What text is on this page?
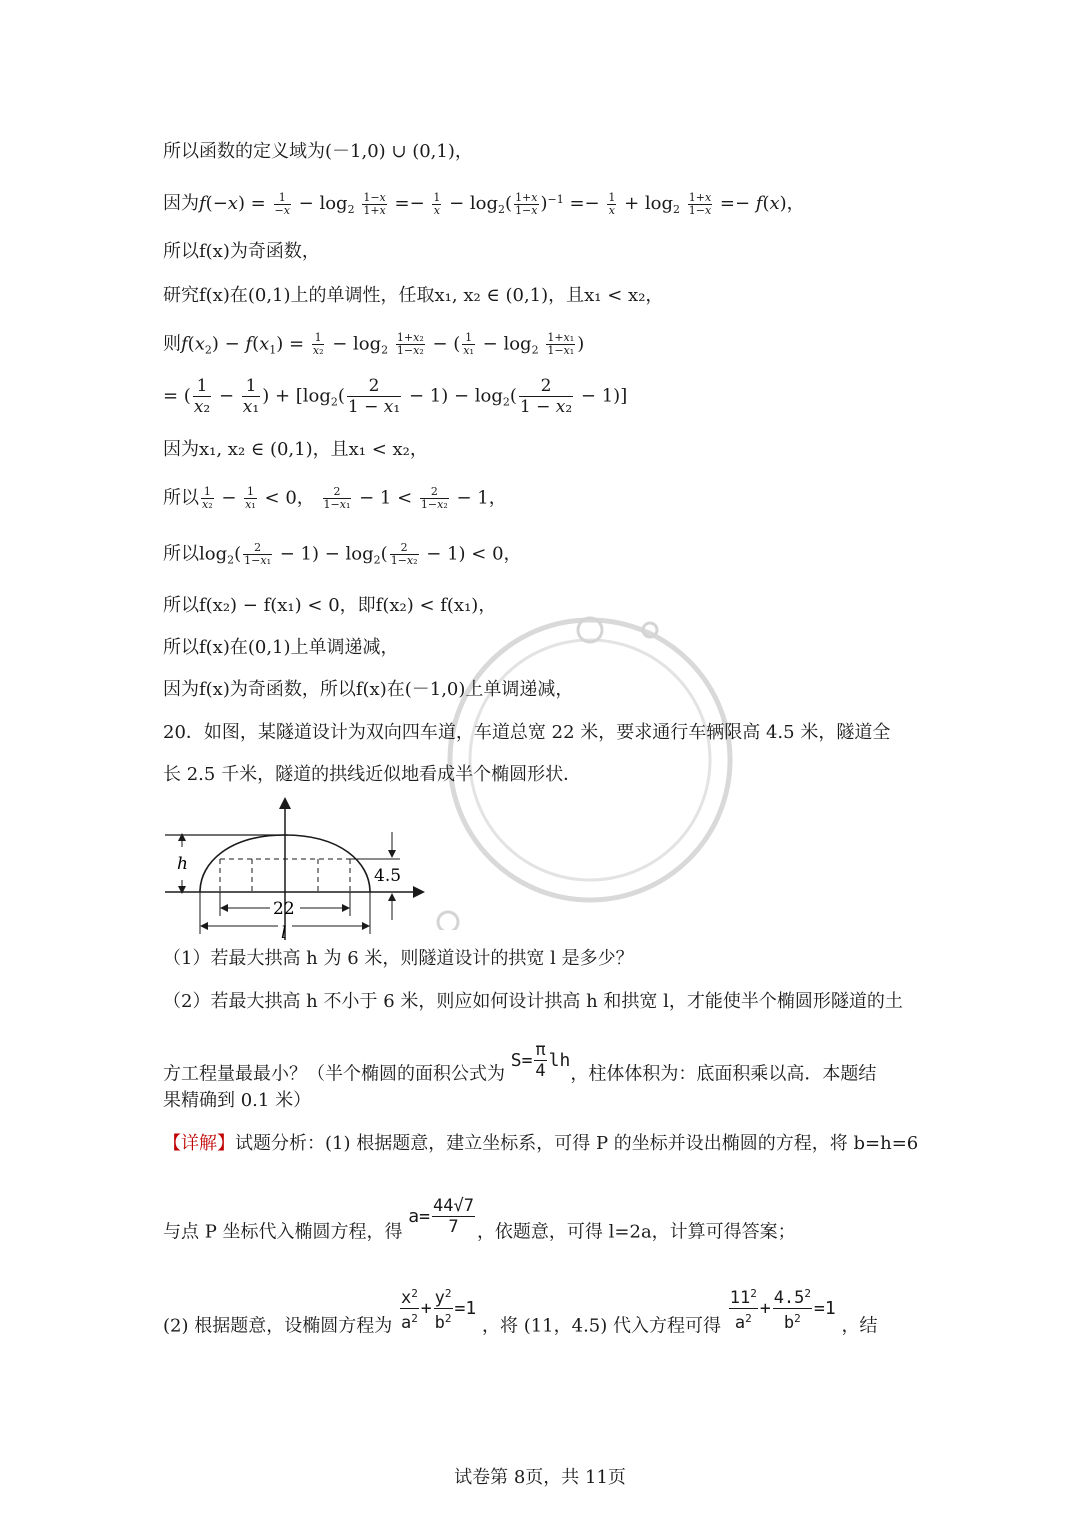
所以函数的定义域为(－1,0) ∪ (0,1)，
因为$f(-x) = \frac{1}{-x} - \log_2 \frac{1-x}{1+x} =- \frac{1}{x} - \log_2( \frac{1+x}{1-x} )^{-1} =- \frac{1}{x} + \log_2 \frac{1+x}{1-x} =- f(x)$，
所以f(x)为奇函数，
研究f(x)在(0,1)上的单调性，任取x₁, x₂ ∈ (0,1)，且x₁ < x₂，
则$f(x_2) - f(x_1) = \frac{1}{\text{x₂}} - \log_2 \frac{\text{1+x₂}}{\text{1−x₂}}$ − ( $\frac{1}{\text{x₁}} - \log_2 \frac{\text{1+x₁}}{\text{1−x₁}}$ )
= ( $\frac{1}{\text{x₂}} - \frac{1}{\text{x₁}}$ ) + $[\log_2( \frac{2}{\text{1 − x₁}} - 1) - \log_2( \frac{2}{\text{1 − x₂}} - 1)]$
因为x₁, x₂ ∈ (0,1)，且x₁ < x₂，
所以 $\frac{1}{\text{x₂}} - \frac{1}{\text{x₁}} < 0$， $\frac{2}{\text{1−x₁}} - 1 < \frac{2}{\text{1−x₂}} - 1$，
所以$\log_2( \frac{2}{\text{1−x₁}} - 1) - \log_2( \frac{2}{\text{1−x₂}} - 1) < 0$，
所以f(x₂) − f(x₁) < 0，即f(x₂) < f(x₁)，
所以f(x)在(0,1)上单调递减，
因为f(x)为奇函数，所以f(x)在(－1,0)上单调递减，
20．如图，某隧道设计为双向四车道，车道总宽 22 米，要求通行车辆限高 4.5 米，隧道全
长 2.5 千米，隧道的拱线近似地看成半个椭圆形状．
h
4.5
22
l
（1）若最大拱高 h 为 6 米，则隧道设计的拱宽 l 是多少？
（2）若最大拱高 h 不小于 6 米，则应如何设计拱高 h 和拱宽 l，才能使半个椭圆形隧道的土
方工程量最最小？（半个椭圆的面积公式为 $S= \frac{\pi}{4}$ lh，柱体体积为：底面积乘以高．本题结
果精确到 0.1 米）
【详解】试题分析：(1) 根据题意，建立坐标系，可得 P 的坐标并设出椭圆的方程，将 b=h=6
与点 P 坐标代入椭圆方程，得 $a= \frac{44√7}{7}$ ，依题意，可得 l=2a，计算可得答案；
(2) 根据题意，设椭圆方程为 $\frac{x^2}{a^2} + \frac{y^2}{b^2} =1$ ，将 (11，4.5) 代入方程可得 $\frac{11^2}{a^2} + \frac{4.5^2}{b^2} =1$ ，结
试卷第 8页，共 11页
